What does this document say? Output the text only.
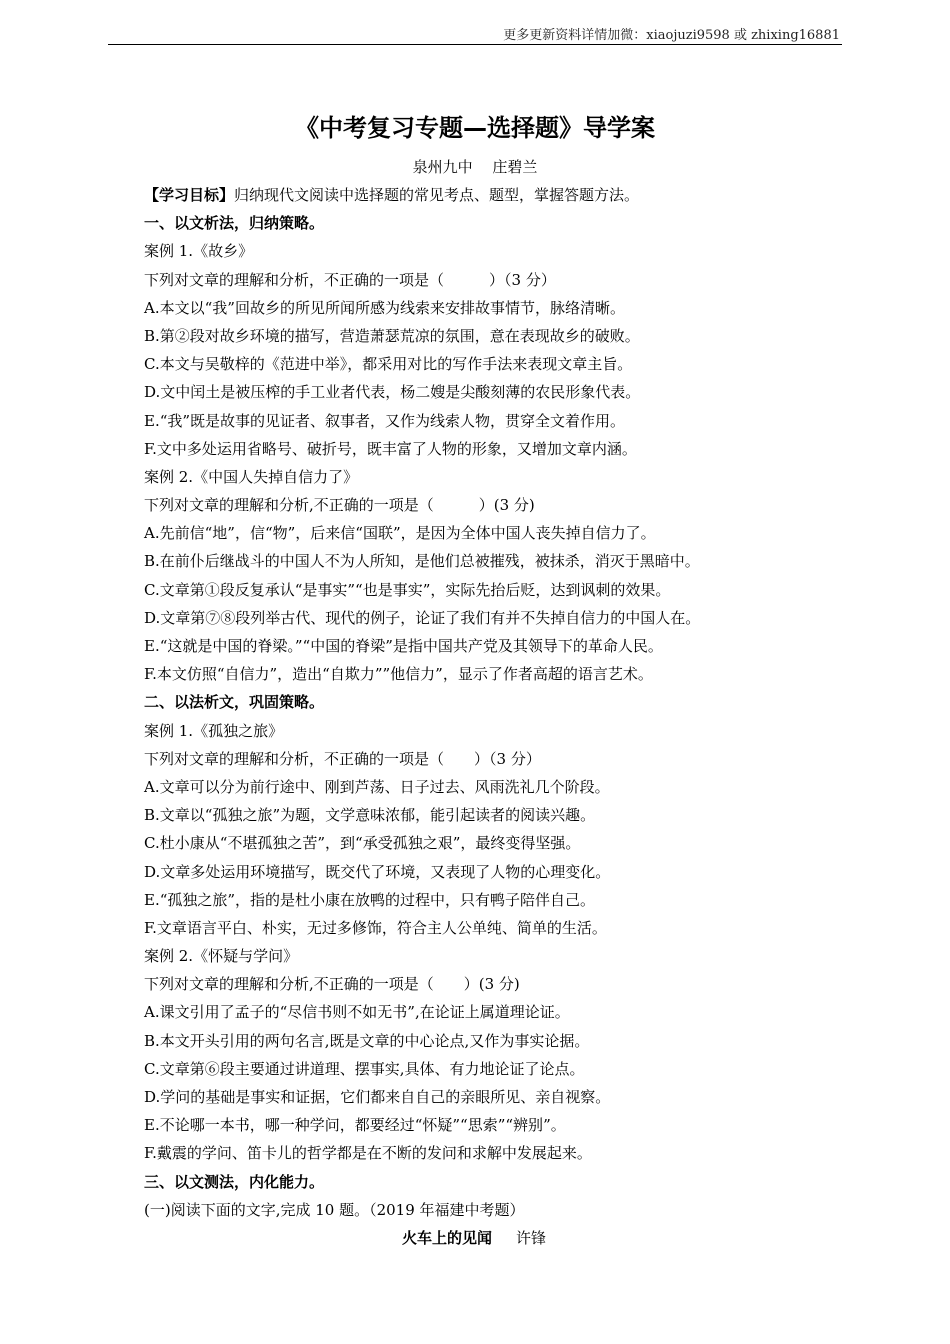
更多更新资料详情加微：xiaojuzi9598 或 zhixing16881
《中考复习专题—选择题》导学案
泉州九中　 庄碧兰
【学习目标】归纳现代文阅读中选择题的常见考点、题型，掌握答题方法。
一、以文析法，归纳策略。
案例 1.《故乡》
下列对文章的理解和分析，不正确的一项是（　　　）（3 分）
A.本文以“我”回故乡的所见所闻所感为线索来安排故事情节，脉络清晰。
B.第②段对故乡环境的描写，营造萧瑟荒凉的氛围，意在表现故乡的破败。
C.本文与吴敬梓的《范进中举》，都采用对比的写作手法来表现文章主旨。
D.文中闰土是被压榨的手工业者代表，杨二嫂是尖酸刻薄的农民形象代表。
E.“我”既是故事的见证者、叙事者，又作为线索人物，贯穿全文着作用。
F.文中多处运用省略号、破折号，既丰富了人物的形象，又增加文章内涵。
案例 2.《中国人失掉自信力了》
下列对文章的理解和分析,不正确的一项是（　　　）(3 分)
A.先前信“地”，信“物”，后来信“国联”，是因为全体中国人丧失掉自信力了。
B.在前仆后继战斗的中国人不为人所知，是他们总被摧残，被抹杀，消灭于黑暗中。
C.文章第①段反复承认“是事实”“也是事实”，实际先抬后贬，达到讽刺的效果。
D.文章第⑦⑧段列举古代、现代的例子，论证了我们有并不失掉自信力的中国人在。
E.“这就是中国的脊梁。”“中国的脊梁”是指中国共产党及其领导下的革命人民。
F.本文仿照“自信力”，造出“自欺力””他信力”，显示了作者高超的语言艺术。
二、以法析文，巩固策略。
案例 1.《孤独之旅》
下列对文章的理解和分析，不正确的一项是（　　）（3 分）
A.文章可以分为前行途中、刚到芦荡、日子过去、风雨洗礼几个阶段。
B.文章以“孤独之旅”为题，文学意味浓郁，能引起读者的阅读兴趣。
C.杜小康从“不堪孤独之苦”，到“承受孤独之艰”，最终变得坚强。
D.文章多处运用环境描写，既交代了环境，又表现了人物的心理变化。
E.“孤独之旅”，指的是杜小康在放鸭的过程中，只有鸭子陪伴自己。
F.文章语言平白、朴实，无过多修饰，符合主人公单纯、简单的生活。
案例 2.《怀疑与学问》
下列对文章的理解和分析,不正确的一项是（　　）(3 分)
A.课文引用了孟子的“尽信书则不如无书”,在论证上属道理论证。
B.本文开头引用的两句名言,既是文章的中心论点,又作为事实论据。
C.文章第⑥段主要通过讲道理、摆事实,具体、有力地论证了论点。
D.学问的基础是事实和证据，它们都来自自己的亲眼所见、亲自视察。
E.不论哪一本书，哪一种学问，都要经过“怀疑”“思索”“辨别”。
F.戴震的学问、笛卡儿的哲学都是在不断的发问和求解中发展起来。
三、以文测法，内化能力。
(一)阅读下面的文字,完成 10 题。（2019 年福建中考题）
火车上的见闻 许锋
